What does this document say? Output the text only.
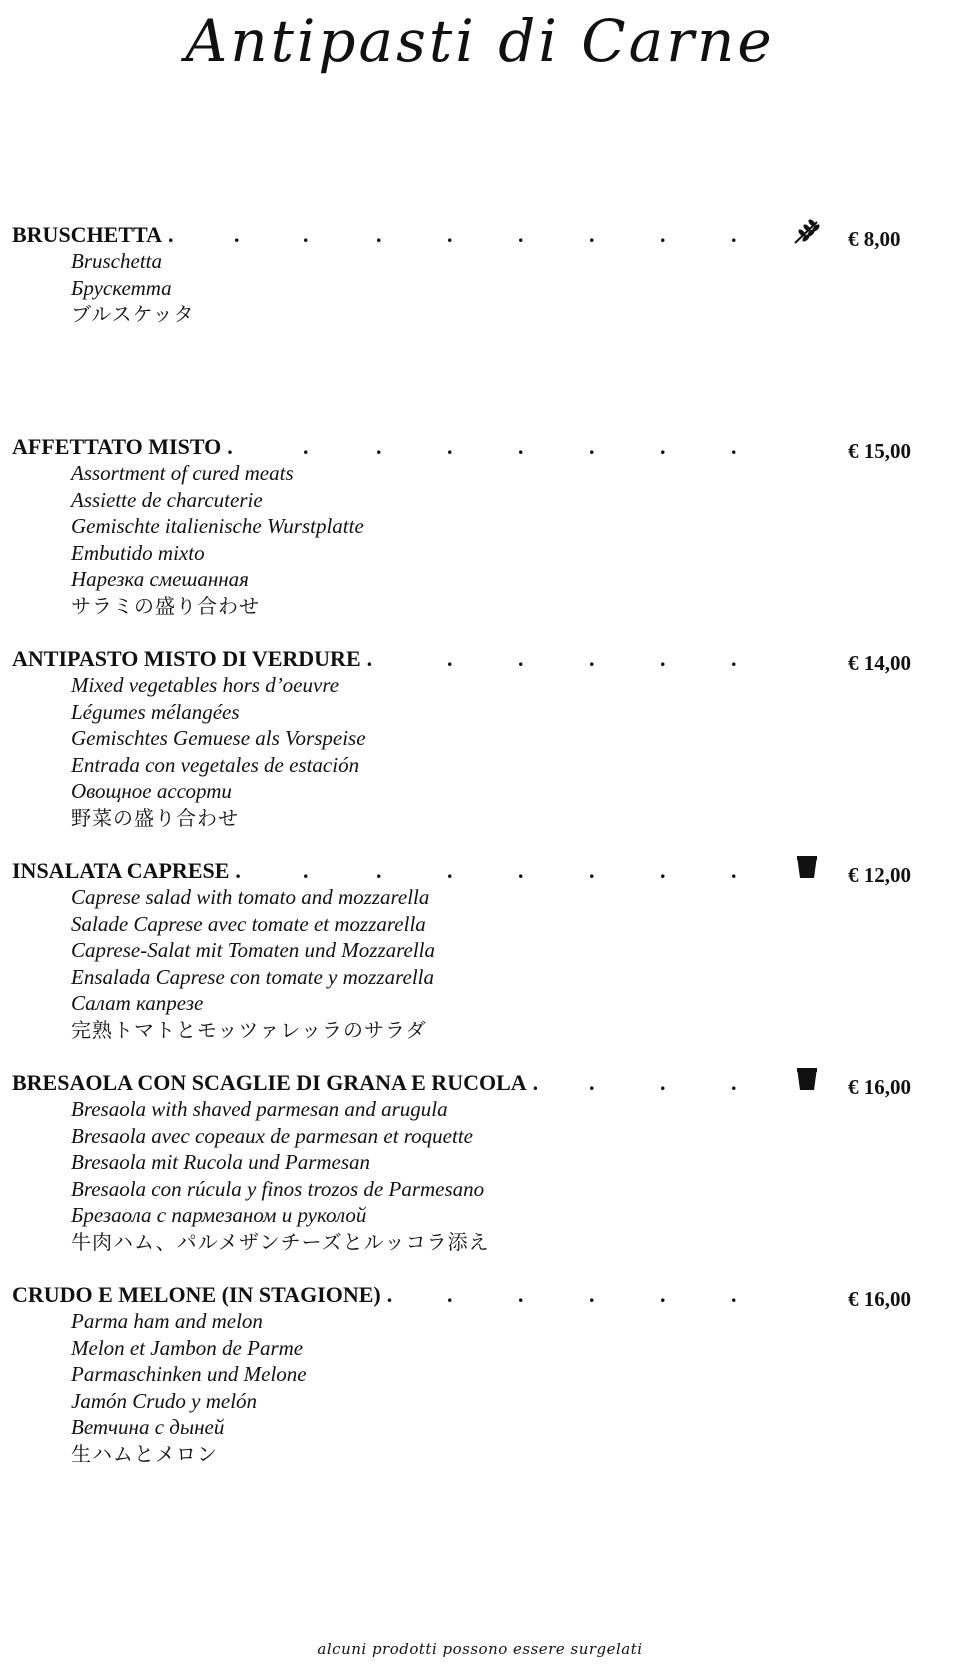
Antipasti di Carne
BRUSCHETTA	€ 8,00
.	.	.	.	.	.	.	.	.
Bruschetta
Брускетта
ブルスケッタ
AFFETTATO MISTO	€ 15,00
.	.	.	.	.	.	.	.
Assortment of cured meats
Assiette de charcuterie
Gemischte italienische Wurstplatte
Embutido mixto
Нарезка смешанная
サラミの盛り合わせ
ANTIPASTO MISTO DI VERDURE	€ 14,00
.	.	.	.	.	.
Mixed vegetables hors d’oeuvre
Légumes mélangées
Gemischtes Gemuese als Vorspeise
Entrada con vegetales de estación
Овощное ассорти
野菜の盛り合わせ
INSALATA CAPRESE	€ 12,00
.	.	.	.	.	.	.	.
Caprese salad with tomato and mozzarella
Salade Caprese avec tomate et mozzarella
Caprese-Salat mit Tomaten und Mozzarella
Ensalada Caprese con tomate y mozzarella
Салат капрезе
完熟トマトとモッツァレッラのサラダ
BRESAOLA CON SCAGLIE DI GRANA E RUCOLA	€ 16,00
. .	.	.
Bresaola with shaved parmesan and arugula
Bresaola avec copeaux de parmesan et roquette
Bresaola mit Rucola und Parmesan
Bresaola con rúcula y finos trozos de Parmesano
Брезаола с пармезаном и руколой
牛肉ハム、パルメザンチーズとルッコラ添え
CRUDO E MELONE (IN STAGIONE)	€ 16,00
. .	.	.	.	.
Parma ham and melon
Melon et Jambon de Parme
Parmaschinken und Melone
Jamón Crudo y melón
Ветчина с дыней
生ハムとメロン

alcuni prodotti possono essere surgelati
